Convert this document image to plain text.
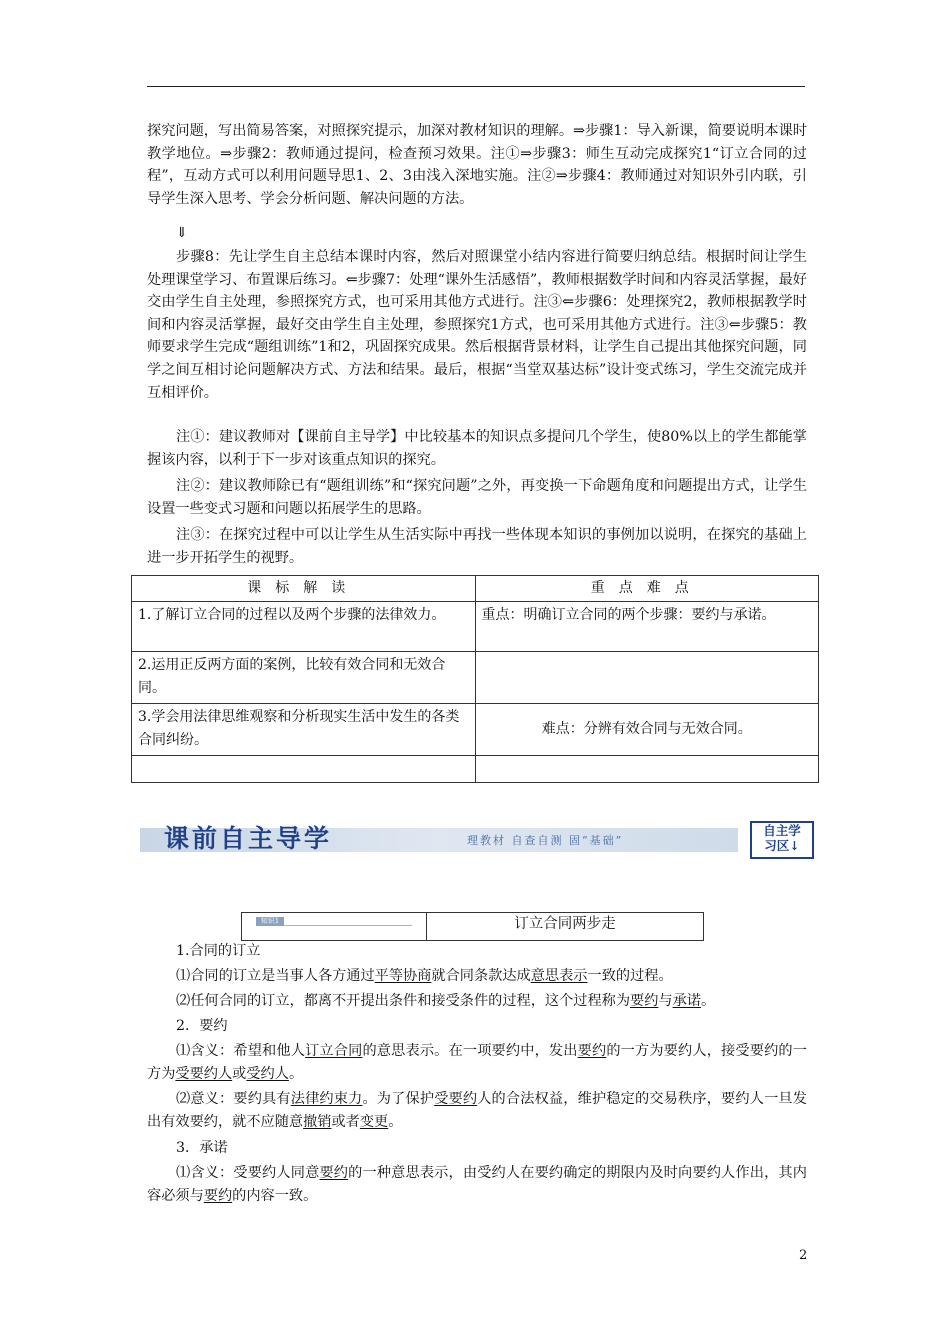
探究问题，写出简易答案，对照探究提示，加深对教材知识的理解。⇒步骤1：导入新课，简要说明本课时教学地位。⇒步骤2：教师通过提问，检查预习效果。注①⇒步骤3：师生互动完成探究1“订立合同的过程”，互动方式可以利用问题导思1、2、3由浅入深地实施。注②⇒步骤4：教师通过对知识外引内联，引导学生深入思考、学会分析问题、解决问题的方法。
⇓
步骤8：先让学生自主总结本课时内容，然后对照课堂小结内容进行简要归纳总结。根据时间让学生处理课堂学习、布置课后练习。⇐步骤7：处理“课外生活感悟”，教师根据数学时间和内容灵活掌握，最好交由学生自主处理，参照探究方式，也可采用其他方式进行。注③⇐步骤6：处理探究2，教师根据教学时间和内容灵活掌握，最好交由学生自主处理，参照探究1方式，也可采用其他方式进行。注③⇐步骤5：教师要求学生完成“题组训练”1和2，巩固探究成果。然后根据背景材料，让学生自己提出其他探究问题，同学之间互相讨论问题解决方式、方法和结果。最后，根据“当堂双基达标”设计变式练习，学生交流完成并互相评价。
注①：建议教师对【课前自主导学】中比较基本的知识点多提问几个学生，使80%以上的学生都能掌握该内容，以利于下一步对该重点知识的探究。
注②：建议教师除已有“题组训练”和“探究问题”之外，再变换一下命题角度和问题提出方式，让学生设置一些变式习题和问题以拓展学生的思路。
注③：在探究过程中可以让学生从生活实际中再找一些体现本知识的事例加以说明，在探究的基础上进一步开拓学生的视野。
课标解读	重点难点
1.了解订立合同的过程以及两个步骤的法律效力。	重点：明确订立合同的两个步骤：要约与承诺。
2.运用正反两方面的案例，比较有效合同和无效合同。	
3.学会用法律思维观察和分析现实生活中发生的各类合同纠纷。	难点：分辨有效合同与无效合同。

课前自主导学	理教材 自查自测 固“基础”
自主学
习区↓
知识1	订立合同两步走
1.合同的订立
⑴合同的订立是当事人各方通过平等协商就合同条款达成意思表示一致的过程。
⑵任何合同的订立，都离不开提出条件和接受条件的过程，这个过程称为要约与承诺。
2．要约
⑴含义：希望和他人订立合同的意思表示。在一项要约中，发出要约的一方为要约人，接受要约的一方为受要约人或受约人。
⑵意义：要约具有法律约束力。为了保护受要约人的合法权益，维护稳定的交易秩序，要约人一旦发出有效要约，就不应随意撤销或者变更。
3．承诺
⑴含义：受要约人同意要约的一种意思表示，由受约人在要约确定的期限内及时向要约人作出，其内容必须与要约的内容一致。
2
